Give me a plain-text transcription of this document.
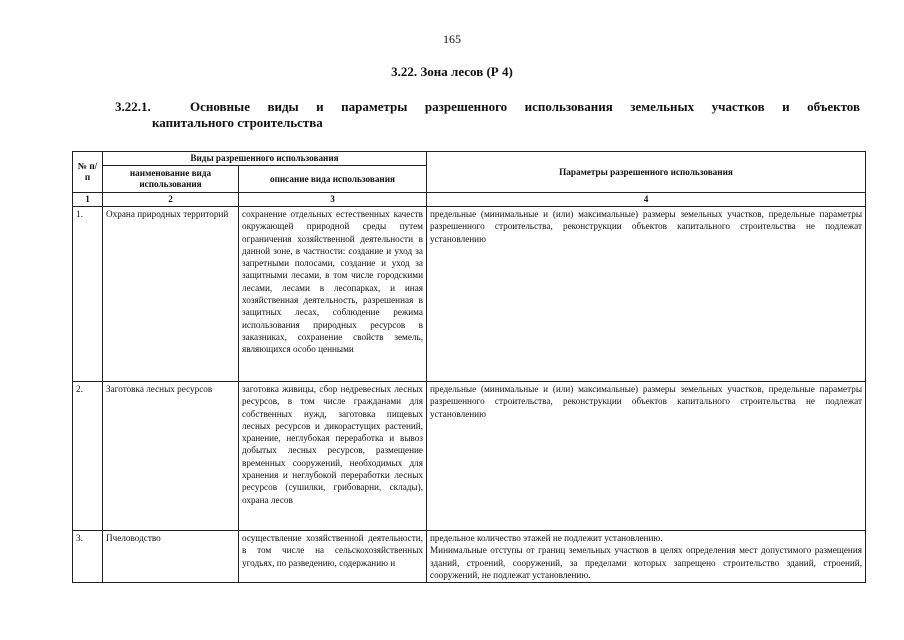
165
3.22. Зона лесов (Р 4)
3.22.1.	Основные виды и параметры разрешенного использования земельных участков и объектов
капитального строительства
№ п/п	Виды разрешенного использования		Параметры разрешенного использования
	наименование вида использования	описание вида использования	
1	2	3	4
1.	Охрана природных территорий	сохранение отдельных естественных качеств окружающей природной среды путем ограничения хозяйственной деятельности в данной зоне, в частности: создание и уход за запретными полосами, создание и уход за защитными лесами, в том числе городскими лесами, лесами в лесопарках, и иная хозяйственная деятельность, разрешенная в защитных лесах, соблюдение режима использования природных ресурсов в заказниках, сохранение свойств земель, являющихся особо ценными	предельные (минимальные и (или) максимальные) размеры земельных участков, предельные параметры разрешенного строительства, реконструкции объектов капитального строительства не подлежат установлению

2.	Заготовка лесных ресурсов	заготовка живицы, сбор недревесных лесных ресурсов, в том числе гражданами для собственных нужд, заготовка пищевых лесных ресурсов и дикорастущих растений, хранение, неглубокая переработка и вывоз добытых лесных ресурсов, размещение временных сооружений, необходимых для хранения и неглубокой переработки лесных ресурсов (сушилки, грибоварни, склады), охрана лесов	предельные (минимальные и (или) максимальные) размеры земельных участков, предельные параметры разрешенного строительства, реконструкции объектов капитального строительства не подлежат установлению

3.	Пчеловодство	осуществление хозяйственной деятельности, в том числе на сельскохозяйственных угодьях, по разведению, содержанию и	предельное количество этажей не подлежит установлению.
Минимальные отступы от границ земельных участков в целях определения мест допустимого размещения зданий, строений, сооружений, за пределами которых запрещено строительство зданий, строений, сооружений, не подлежат установлению.
